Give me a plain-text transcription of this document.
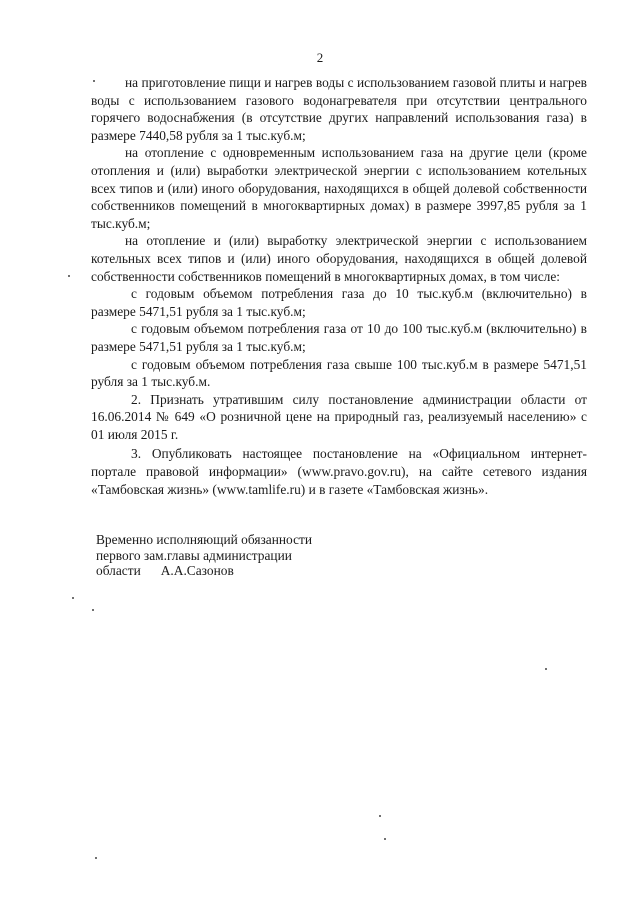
2

на приготовление пищи и нагрев воды с использованием газовой плиты и нагрев воды с использованием газового водонагревателя при отсутствии центрального горячего водоснабжения (в отсутствие других направлений использования газа) в размере 7440,58 рубля за 1 тыс.куб.м;

на отопление с одновременным использованием газа на другие цели (кроме отопления и (или) выработки электрической энергии с использованием котельных всех типов и (или) иного оборудования, находящихся в общей долевой собственности собственников помещений в многоквартирных домах) в размере 3997,85 рубля за 1 тыс.куб.м;

на отопление и (или) выработку электрической энергии с использованием котельных всех типов и (или) иного оборудования, находящихся в общей долевой собственности собственников помещений в многоквартирных домах, в том числе:

с годовым объемом потребления газа до 10 тыс.куб.м (включительно) в размере 5471,51 рубля за 1 тыс.куб.м;

с годовым объемом потребления газа от 10 до 100 тыс.куб.м (включительно) в размере 5471,51 рубля за 1 тыс.куб.м;

с годовым объемом потребления газа свыше 100 тыс.куб.м в размере 5471,51 рубля за 1 тыс.куб.м.

2. Признать утратившим силу постановление администрации области от 16.06.2014 № 649 «О розничной цене на природный газ, реализуемый населению» с 01 июля 2015 г.

3. Опубликовать настоящее постановление на «Официальном интернет-портале правовой информации» (www.pravo.gov.ru), на сайте сетевого издания «Тамбовская жизнь» (www.tamlife.ru) и в газете «Тамбовская жизнь».

Временно исполняющий обязанности
первого зам.главы администрации
области А.А.Сазонов
